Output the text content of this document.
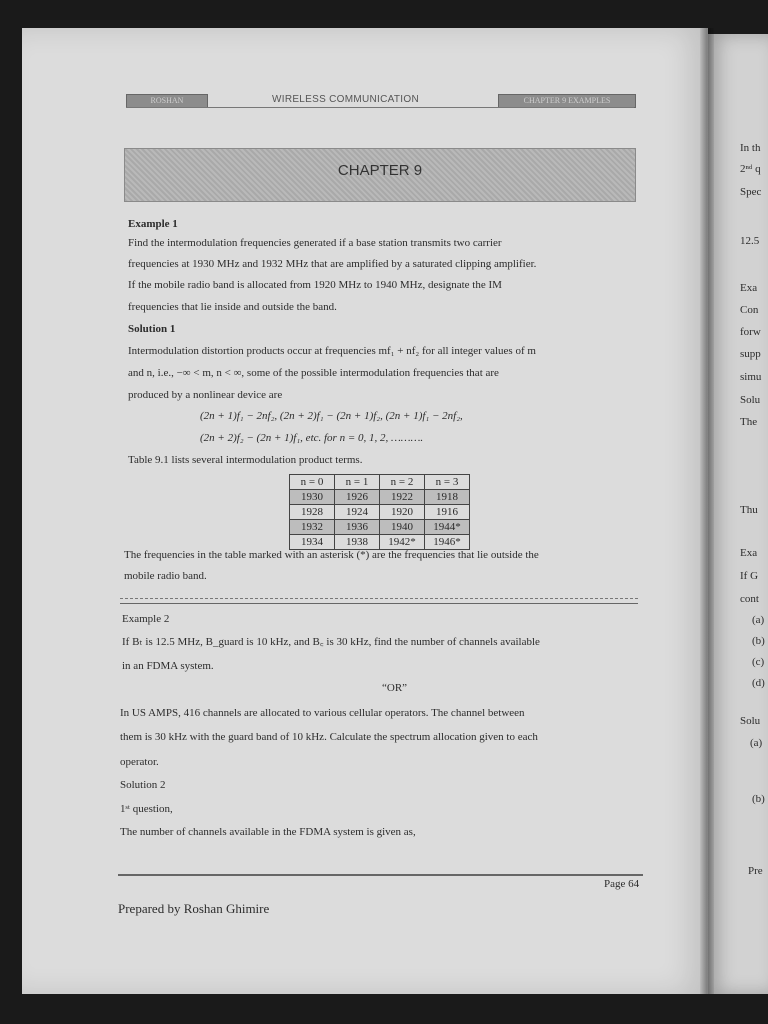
ROSHAN	WIRELESS COMMUNICATION	CHAPTER 9 EXAMPLES
CHAPTER 9
Example 1
Find the intermodulation frequencies generated if a base station transmits two carrier
frequencies at 1930 MHz and 1932 MHz that are amplified by a saturated clipping amplifier.
If the mobile radio band is allocated from 1920 MHz to 1940 MHz, designate the IM
frequencies that lie inside and outside the band.
Solution 1
Intermodulation distortion products occur at frequencies mf₁ + nf₂ for all integer values of m
and n, i.e., −∞ < m, n < ∞, some of the possible intermodulation frequencies that are
produced by a nonlinear device are
(2n + 1)f₁ − 2nf₂, (2n + 2)f₁ − (2n + 1)f₂, (2n + 1)f₁ − 2nf₂,
(2n + 2)f₂ − (2n + 1)f₁, etc. for n = 0, 1, 2, ……….
Table 9.1 lists several intermodulation product terms.
n = 0	n = 1	n = 2	n = 3
1930	1926	1922	1918
1928	1924	1920	1916
1932	1936	1940	1944*
1934	1938	1942*	1946*
The frequencies in the table marked with an asterisk (*) are the frequencies that lie outside the
mobile radio band.
Example 2
If Bₜ is 12.5 MHz, B_guard is 10 kHz, and B꜀ is 30 kHz, find the number of channels available
in an FDMA system.
“OR”
In US AMPS, 416 channels are allocated to various cellular operators. The channel between
them is 30 kHz with the guard band of 10 kHz. Calculate the spectrum allocation given to each
operator.
Solution 2
1ˢᵗ question,
The number of channels available in the FDMA system is given as,
Page 64
Prepared by Roshan Ghimire
In th
2ⁿᵈ q
Spec
12.5
Exa
Con
forw
supp
simu
Solu
The
Thu
Exa
If G
cont
(a)
(b)
(c)
(d)
Solu
(a)
(b)
Pre
